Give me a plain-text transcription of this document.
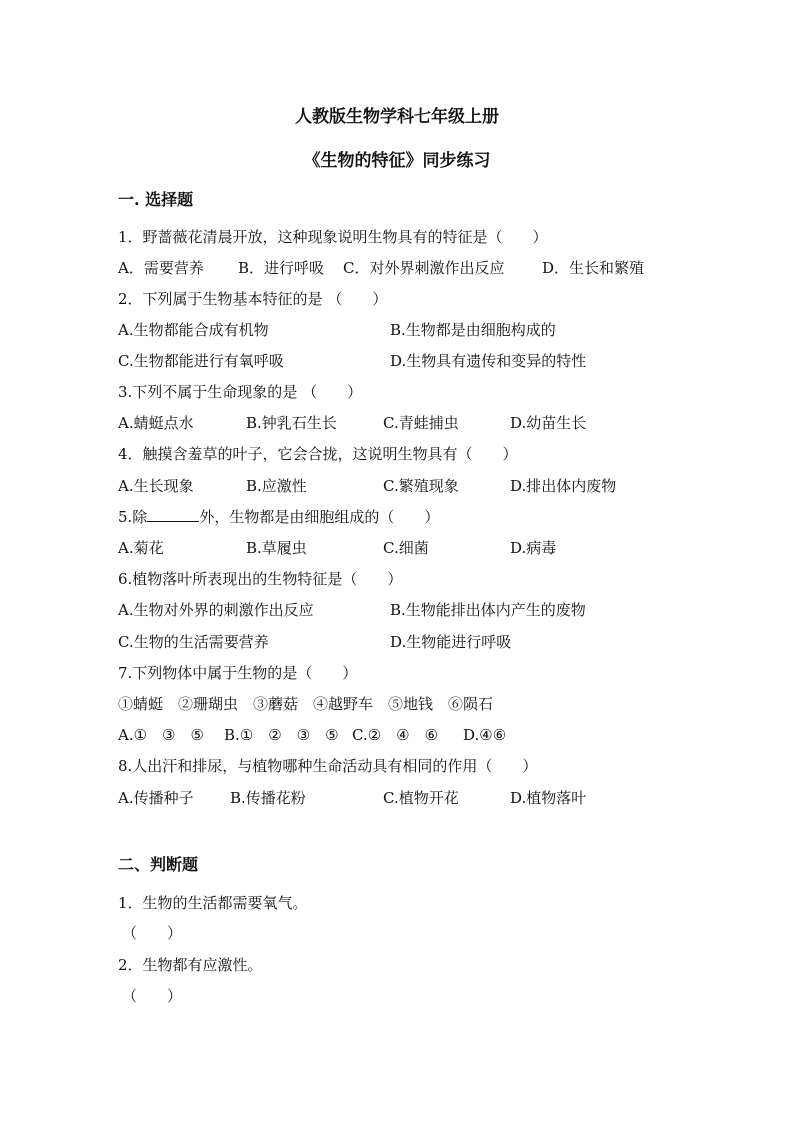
人教版生物学科七年级上册
《生物的特征》同步练习
一. 选择题
1．野蔷薇花清晨开放，这种现象说明生物具有的特征是（　　）
A．需要营养 B．进行呼吸 C．对外界刺激作出反应	D．生长和繁殖
2．下列属于生物基本特征的是 （　　）
A.生物都能合成有机物	B.生物都是由细胞构成的
C.生物都能进行有氧呼吸	D.生物具有遗传和变异的特性
3.下列不属于生命现象的是 （　　）
A.蜻蜓点水	B.钟乳石生长	C.青蛙捕虫	D.幼苗生长
4．触摸含羞草的叶子，它会合拢，这说明生物具有（　　）
A.生长现象	B.应激性	C.繁殖现象	D.排出体内废物
5.除	外，生物都是由细胞组成的（　　）
A.菊花	B.草履虫	C.细菌	D.病毒
6.植物落叶所表现出的生物特征是（　　）
A.生物对外界的刺激作出反应	B.生物能排出体内产生的废物
C.生物的生活需要营养	D.生物能进行呼吸
7.下列物体中属于生物的是（　　）
①蜻蜓　②珊瑚虫　③蘑菇　④越野车　⑤地钱　⑥陨石
A.①　③　⑤ B.①　②　③　⑤ C.②　④　⑥ D.④⑥
8.人出汗和排尿，与植物哪种生命活动具有相同的作用（　　）
A.传播种子 B.传播花粉	C.植物开花	D.植物落叶
二、判断题
1．生物的生活都需要氧气。
（　　）
2．生物都有应激性。
（　　）
